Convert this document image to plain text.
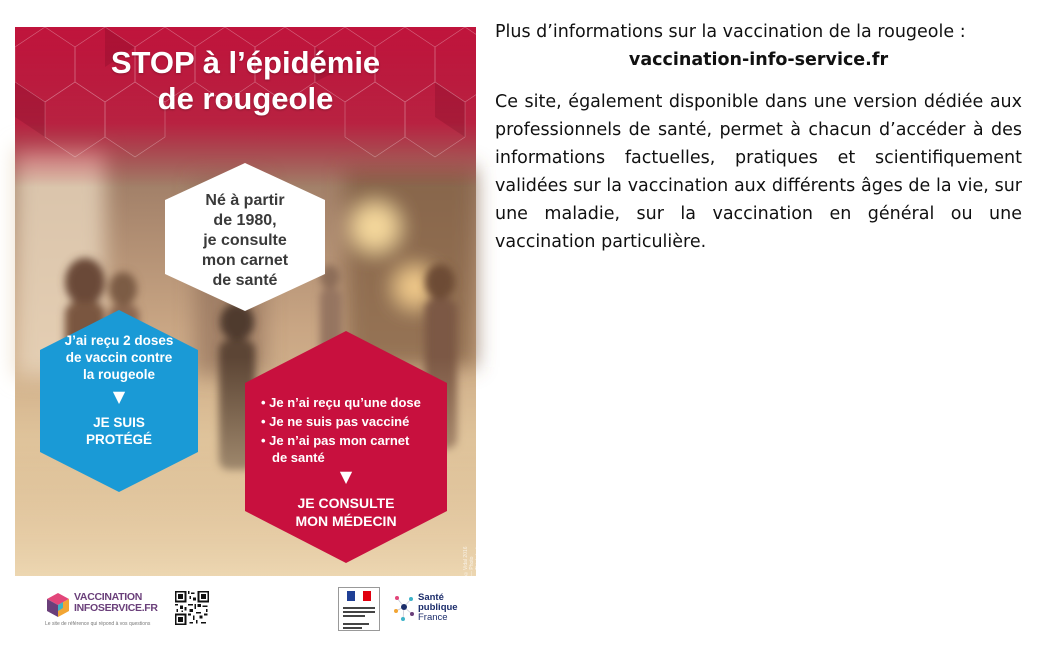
STOP à l’épidémie
de rougeole
Né à partir
de 1980,
je consulte
mon carnet
de santé
J’ai reçu 2 doses
de vaccin contre
la rougeole
▼
JE SUIS
PROTÉGÉ
• Je n’ai reçu qu’une dose
• Je ne suis pas vacciné
• Je n’ai pas mon carnet
de santé
▼
JE CONSULTE
MON MÉDECIN
©Vidal 2016 — Photo ©Thinkstock
VACCINATION
INFOSERVICE.FR
Le site de référence qui répond à vos questions
Santé
publique
France

Plus d’informations sur la vaccination de la rougeole :

vaccination-info-service.fr

Ce site, également disponible dans une version dédiée aux professionnels de santé, permet à chacun d’accéder à des informations factuelles, pratiques et scientifiquement validées sur la vaccination aux différents âges de la vie, sur une maladie, sur la vaccination en général ou une vaccination particulière.
